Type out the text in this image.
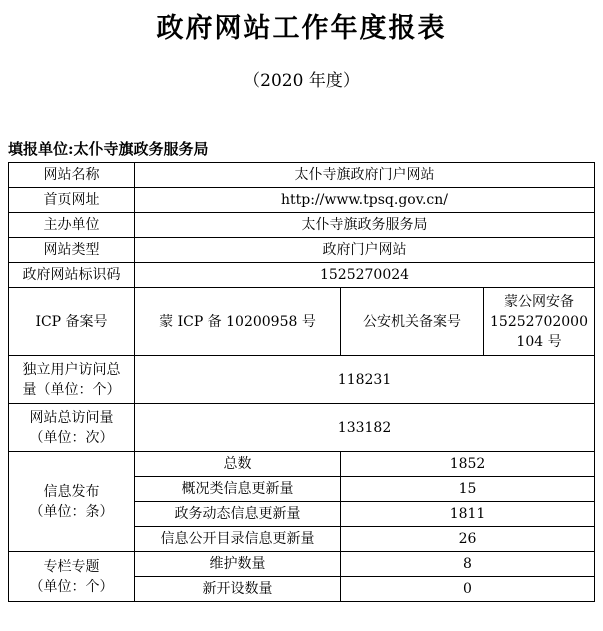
政府网站工作年度报表
（2020 年度）
填报单位:太仆寺旗政务服务局
网站名称	太仆寺旗政府门户网站		
首页网址	http://www.tpsq.gov.cn/		
主办单位	太仆寺旗政务服务局		
网站类型	政府门户网站		
政府网站标识码	1525270024		
ICP 备案号	蒙 ICP 备 10200958 号	公安机关备案号	蒙公网安备
15252702000
104 号

独立用户访问总
量（单位：个）	118231		

网站总访问量
（单位：次）	133182		

信息发布
（单位：条）	总数	1852	
	概况类信息更新量	15	
	政务动态信息更新量	1811	
	信息公开目录信息更新量	26	

专栏专题
（单位：个）	维护数量	8	
	新开设数量	0	
